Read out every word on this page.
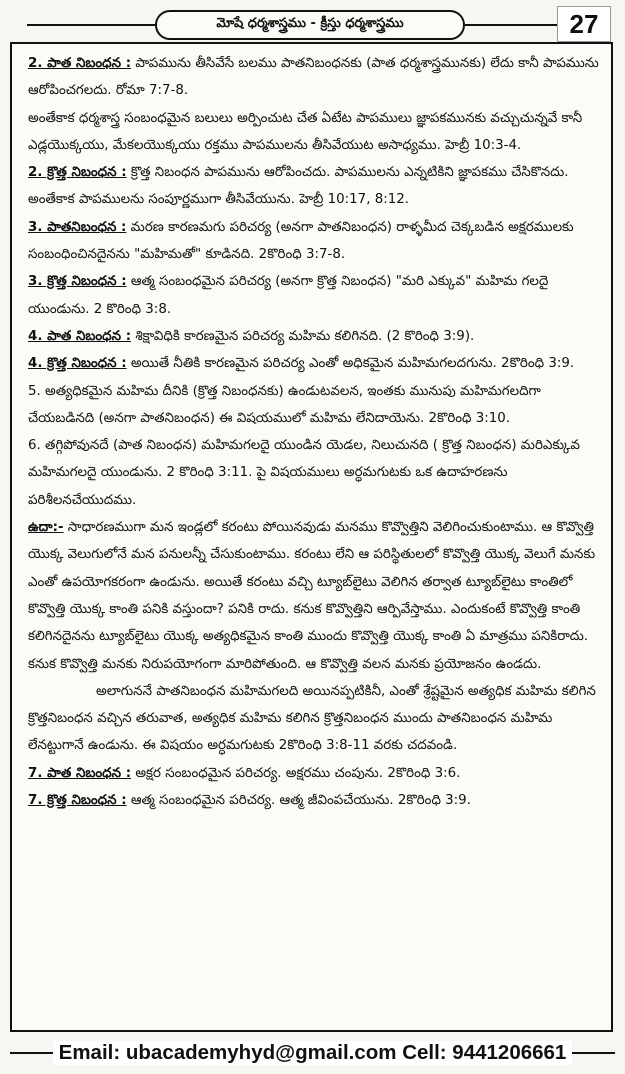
మోషే ధర్మశాస్త్రము - క్రీస్తు ధర్మశాస్త్రము	27

2. పాత నిబంధన : పాపమును తీసివేసే బలము పాతనిబంధనకు (పాత ధర్మశాస్త్రమునకు) లేదు కానీ పాపమును ఆరోపించగలదు. రోమా 7:7-8.

అంతేకాక ధర్మశాస్త్ర సంబంధమైన బలులు అర్పించుట చేత ఏటేట పాపములు జ్ఞాపకమునకు వచ్చుచున్నవే కానీ ఎడ్లయొక్కయు, మేకలయొక్కయు రక్తము పాపములను తీసివేయుట అసాధ్యము. హెబ్రీ 10:3-4.

2. క్రొత్త నిబంధన : క్రొత్త నిబంధన పాపమును ఆరోపించదు. పాపములను ఎన్నటికిని జ్ఞాపకము చేసికొనదు. అంతేకాక పాపములను సంపూర్ణముగా తీసివేయును. హెబ్రీ 10:17, 8:12.

3. పాతనిబంధన : మరణ కారణమగు పరిచర్య (అనగా పాతనిబంధన) రాళ్ళమీద చెక్కబడిన అక్షరములకు సంబంధించినదైనను "మహిమతో" కూడినది. 2కొరింధి 3:7-8.

3. క్రొత్త నిబంధన : ఆత్మ సంబంధమైన పరిచర్య (అనగా క్రొత్త నిబంధన) "మరి ఎక్కువ" మహిమ గలదై యుండును. 2 కొరింధి 3:8.

4. పాత నిబంధన : శిక్షావిధికి కారణమైన పరిచర్య మహిమ కలిగినది. (2 కొరింధి 3:9).

4. క్రొత్త నిబంధన : అయితే నీతికి కారణమైన పరిచర్య ఎంతో అధికమైన మహిమగలదగును. 2కొరింధి 3:9.

5. అత్యధికమైన మహిమ దీనికి (క్రొత్త నిబంధనకు) ఉండుటవలన, ఇంతకు మునుపు మహిమగలదిగా చేయబడినది (అనగా పాతనిబంధన) ఈ విషయములో మహిమ లేనిదాయెను. 2కొరింధి 3:10.

6. తగ్గిపోవునదే (పాత నిబంధన) మహిమగలదై యుండిన యెడల, నిలుచునది ( క్రొత్త నిబంధన) మరిఎక్కువ మహిమగలదై యుండును. 2 కొరింధి 3:11. పై విషయములు అర్ధమగుటకు ఒక ఉదాహరణను పరిశీలనచేయుదము.

ఉదా:- సాధారణముగా మన ఇండ్లలో కరంటు పోయినవుడు మనము కొవ్వొత్తిని వెలిగించుకుంటాము. ఆ కొవ్వొత్తి యొక్క వెలుగులోనే మన పనులన్నీ చేసుకుంటాము. కరంటు లేని ఆ పరిస్థితులలో కొవ్వొత్తి యొక్క వెలుగే మనకు ఎంతో ఉపయోగకరంగా ఉండును. అయితే కరంటు వచ్చి ట్యూబ్‌లైటు వెలిగిన తర్వాత ట్యూబ్‌లైటు కాంతిలో కొవ్వొత్తి యొక్క కాంతి పనికి వస్తుందా? పనికి రాదు. కనుక కొవ్వొత్తిని ఆర్పివేస్తాము. ఎందుకంటే కొవ్వొత్తి కాంతి కలిగినదైనను ట్యూబ్‌లైటు యొక్క అత్యధికమైన కాంతి ముందు కొవ్వొత్తి యొక్క కాంతి ఏ మాత్రము పనికిరాదు. కనుక కొవ్వొత్తి మనకు నిరుపయోగంగా మారిపోతుంది. ఆ కొవ్వొత్తి వలన మనకు ప్రయోజనం ఉండదు.

అలాగుననే పాతనిబంధన మహిమగలది అయినప్పటికినీ, ఎంతో శ్రేష్టమైన అత్యధిక మహిమ కలిగిన క్రొత్తనిబంధన వచ్చిన తరువాత, అత్యధిక మహిమ కలిగిన క్రొత్తనిబంధన ముందు పాతనిబంధన మహిమ లేనట్టుగానే ఉండును. ఈ విషయం అర్ధమగుటకు 2కొరింధి 3:8-11 వరకు చదవండి.

7. పాత నిబంధన : అక్షర సంబంధమైన పరిచర్య. అక్షరము చంపును. 2కొరింధి 3:6.

7. క్రొత్త నిబంధన : ఆత్మ సంబంధమైన పరిచర్య. ఆత్మ జీవింపచేయును. 2కొరింధి 3:9.

Email: ubacademyhyd@gmail.com Cell: 9441206661
